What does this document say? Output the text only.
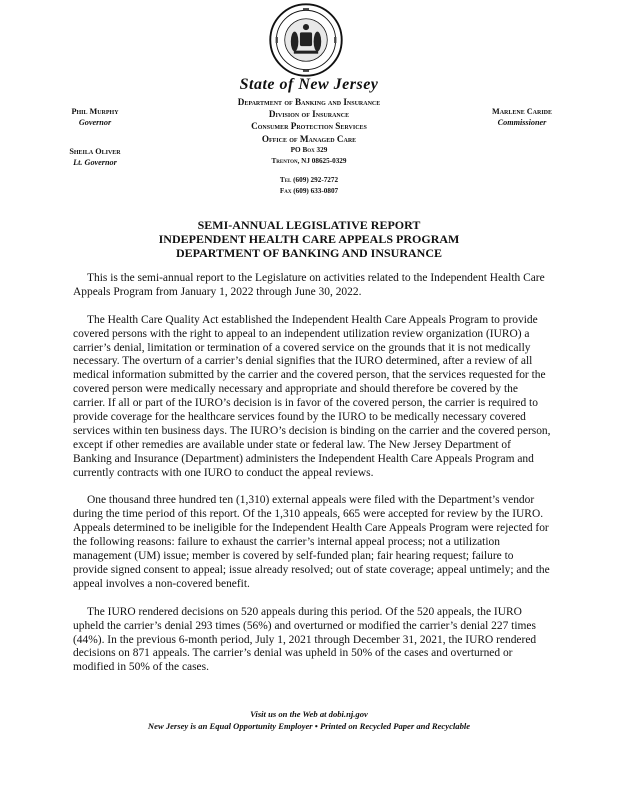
State of New Jersey
Phil Murphy
Governor
Sheila Oliver
Lt. Governor
Department of Banking and Insurance
Division of Insurance
Consumer Protection Services
Office of Managed Care
PO Box 329
Trenton, NJ 08625-0329
Tel (609) 292-7272
Fax (609) 633-0807
Marlene Caride
Commissioner
SEMI-ANNUAL LEGISLATIVE REPORT
INDEPENDENT HEALTH CARE APPEALS PROGRAM
DEPARTMENT OF BANKING AND INSURANCE

This is the semi-annual report to the Legislature on activities related to the Independent Health Care Appeals Program from January 1, 2022 through June 30, 2022.

The Health Care Quality Act established the Independent Health Care Appeals Program to provide covered persons with the right to appeal to an independent utilization review organization (IURO) a carrier’s denial, limitation or termination of a covered service on the grounds that it is not medically necessary. The overturn of a carrier’s denial signifies that the IURO determined, after a review of all medical information submitted by the carrier and the covered person, that the services requested for the covered person were medically necessary and appropriate and should therefore be covered by the carrier. If all or part of the IURO’s decision is in favor of the covered person, the carrier is required to provide coverage for the healthcare services found by the IURO to be medically necessary covered services within ten business days. The IURO’s decision is binding on the carrier and the covered person, except if other remedies are available under state or federal law. The New Jersey Department of Banking and Insurance (Department) administers the Independent Health Care Appeals Program and currently contracts with one IURO to conduct the appeal reviews.

One thousand three hundred ten (1,310) external appeals were filed with the Department’s vendor during the time period of this report. Of the 1,310 appeals, 665 were accepted for review by the IURO. Appeals determined to be ineligible for the Independent Health Care Appeals Program were rejected for the following reasons: failure to exhaust the carrier’s internal appeal process; not a utilization management (UM) issue; member is covered by self-funded plan; fair hearing request; failure to provide signed consent to appeal; issue already resolved; out of state coverage; appeal untimely; and the appeal involves a non-covered benefit.

The IURO rendered decisions on 520 appeals during this period. Of the 520 appeals, the IURO upheld the carrier’s denial 293 times (56%) and overturned or modified the carrier’s denial 227 times (44%). In the previous 6-month period, July 1, 2021 through December 31, 2021, the IURO rendered decisions on 871 appeals. The carrier’s denial was upheld in 50% of the cases and overturned or modified in 50% of the cases.

Visit us on the Web at dobi.nj.gov
New Jersey is an Equal Opportunity Employer • Printed on Recycled Paper and Recyclable
